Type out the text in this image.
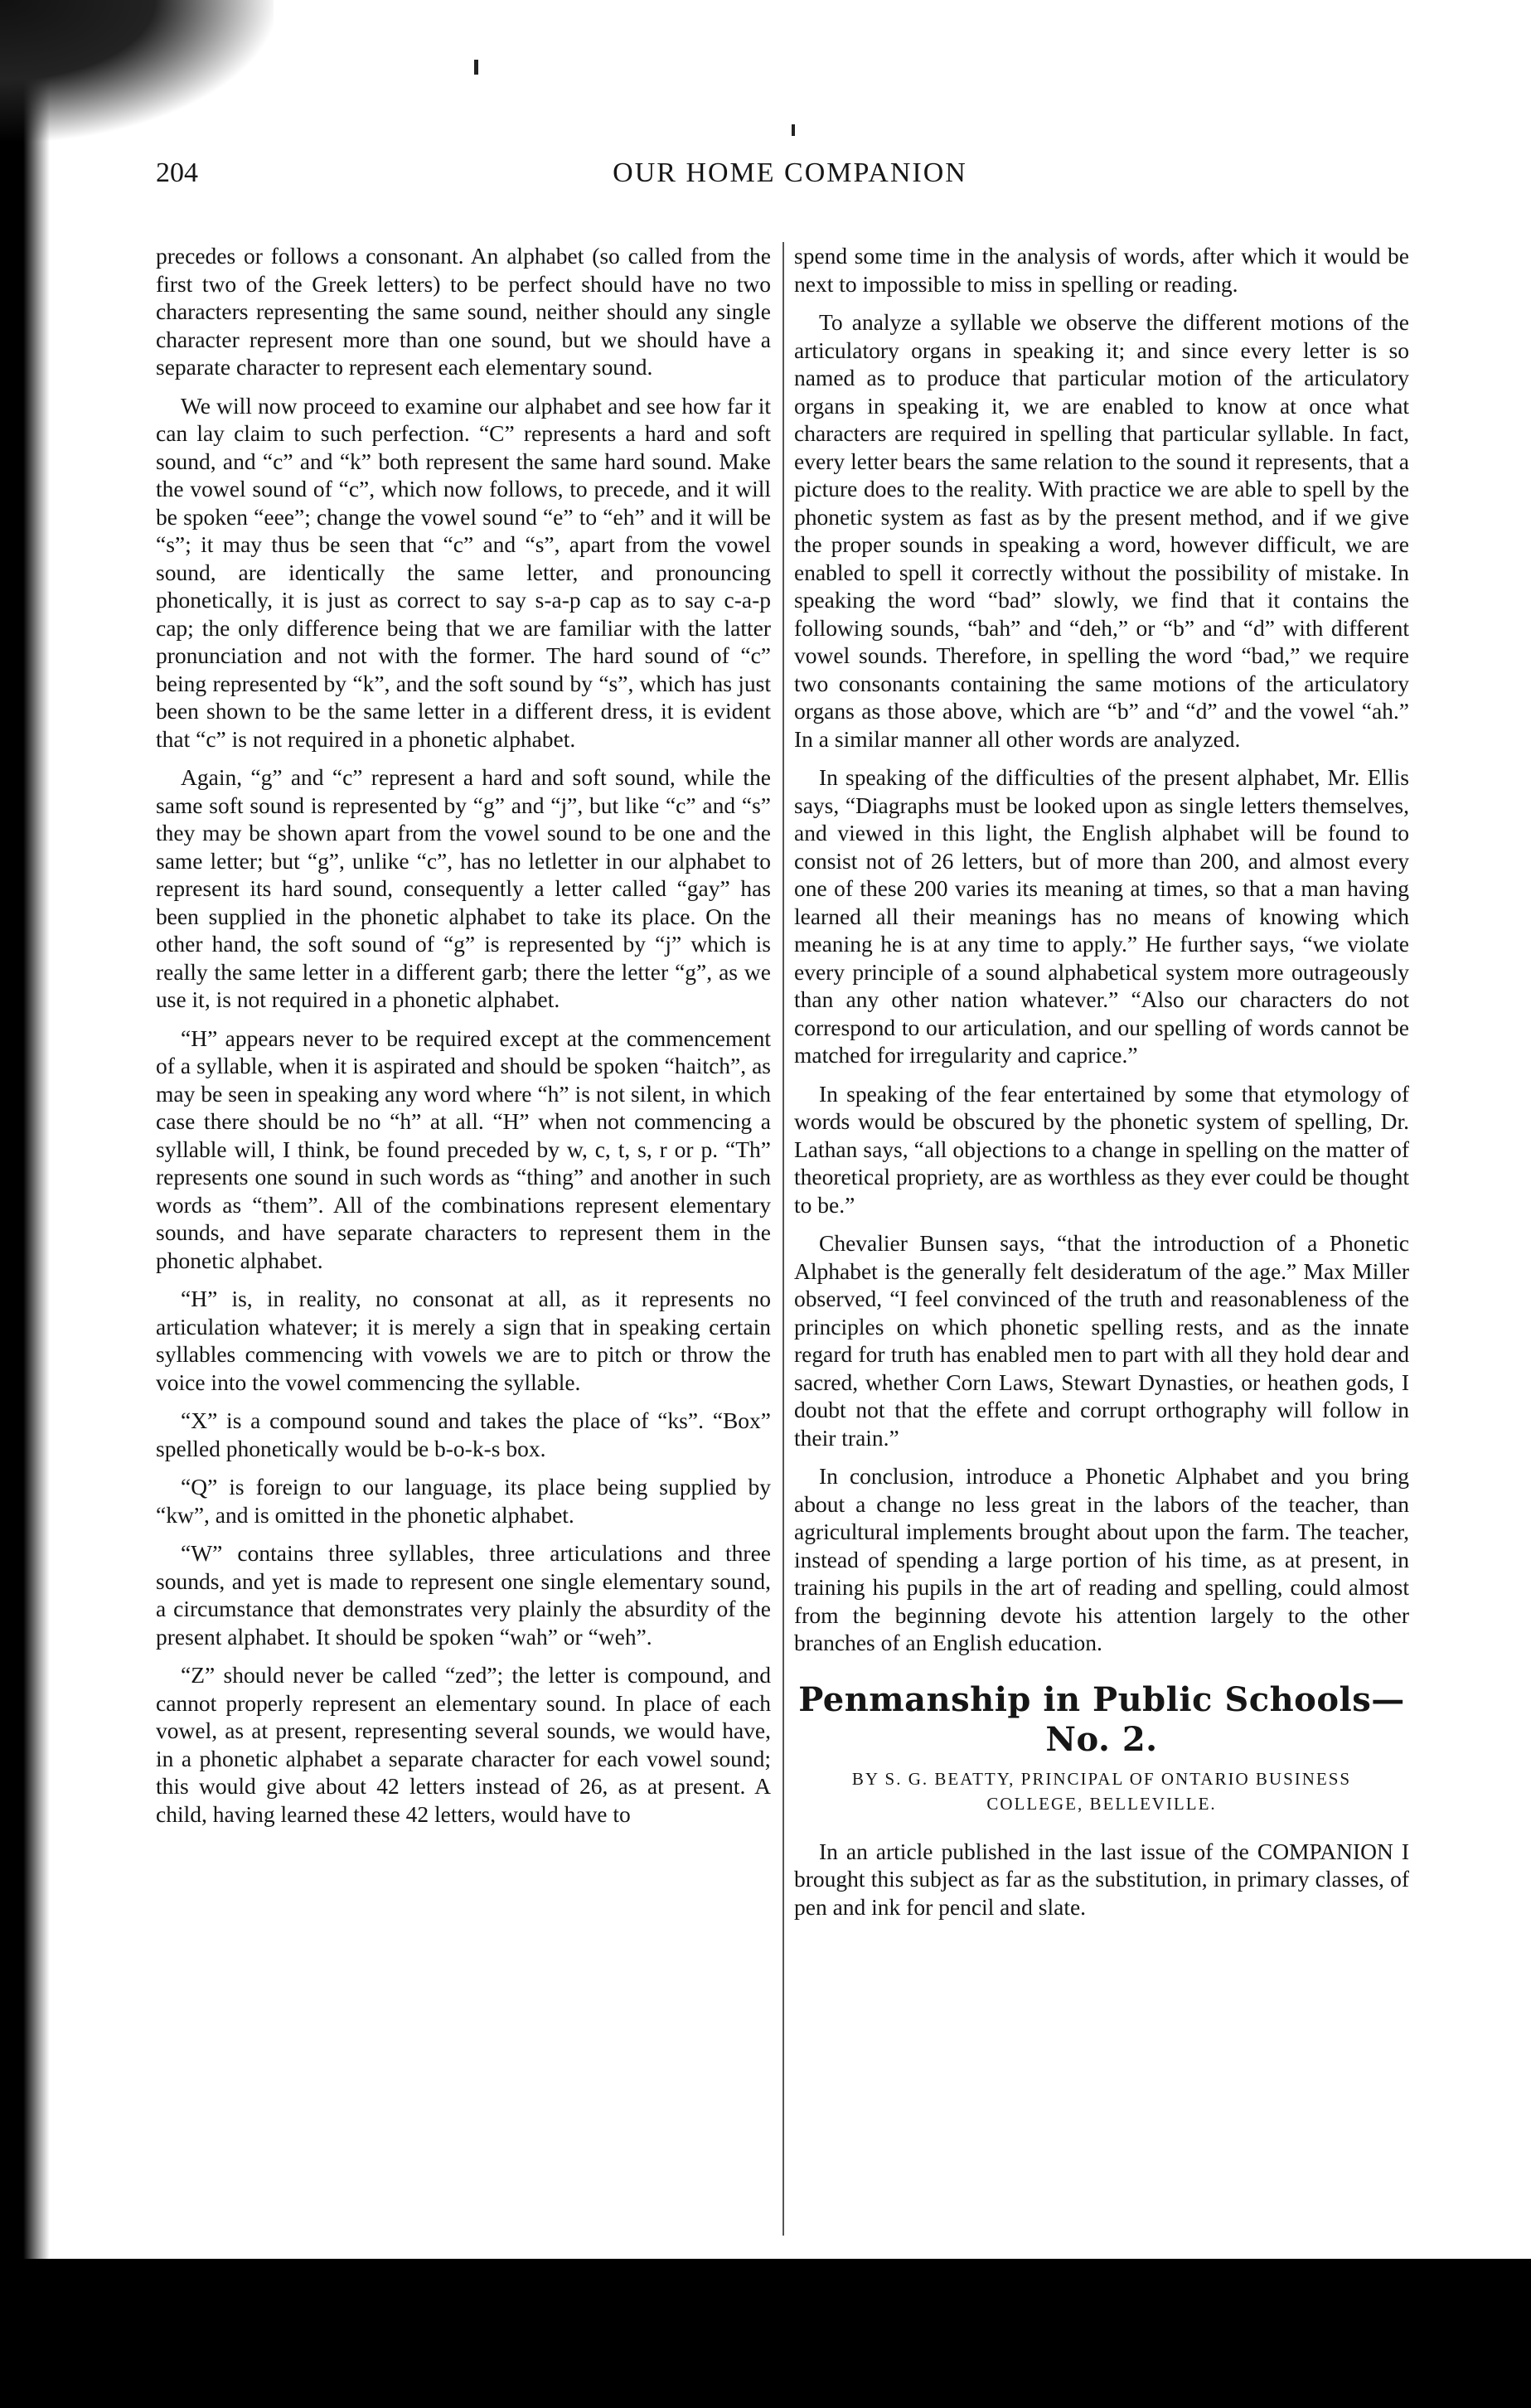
204	OUR HOME COMPANION

precedes or follows a consonant. An alphabet (so called from the first two of the Greek letters) to be perfect should have no two characters representing the same sound, neither should any single character represent more than one sound, but we should have a separate character to represent each elementary sound.

We will now proceed to examine our alphabet and see how far it can lay claim to such perfection. “C” represents a hard and soft sound, and “c” and “k” both represent the same hard sound. Make the vowel sound of “c”, which now follows, to precede, and it will be spoken “eee”; change the vowel sound “e” to “eh” and it will be “s”; it may thus be seen that “c” and “s”, apart from the vowel sound, are identically the same letter, and pronouncing phonetically, it is just as correct to say s-a-p cap as to say c-a-p cap; the only difference being that we are familiar with the latter pronunciation and not with the former. The hard sound of “c” being represented by “k”, and the soft sound by “s”, which has just been shown to be the same letter in a different dress, it is evident that “c” is not required in a phonetic alphabet.

Again, “g” and “c” represent a hard and soft sound, while the same soft sound is represented by “g” and “j”, but like “c” and “s” they may be shown apart from the vowel sound to be one and the same letter; but “g”, unlike “c”, has no letletter in our alphabet to represent its hard sound, consequently a letter called “gay” has been supplied in the phonetic alphabet to take its place. On the other hand, the soft sound of “g” is represented by “j” which is really the same letter in a different garb; there the letter “g”, as we use it, is not required in a phonetic alphabet.

“H” appears never to be required except at the commencement of a syllable, when it is aspirated and should be spoken “haitch”, as may be seen in speaking any word where “h” is not silent, in which case there should be no “h” at all. “H” when not commencing a syllable will, I think, be found preceded by w, c, t, s, r or p. “Th” represents one sound in such words as “thing” and another in such words as “them”. All of the combinations represent elementary sounds, and have separate characters to represent them in the phonetic alphabet.

“H” is, in reality, no consonat at all, as it represents no articulation whatever; it is merely a sign that in speaking certain syllables commencing with vowels we are to pitch or throw the voice into the vowel commencing the syllable.

“X” is a compound sound and takes the place of “ks”. “Box” spelled phonetically would be b-o-k-s box.

“Q” is foreign to our language, its place being supplied by “kw”, and is omitted in the phonetic alphabet.

“W” contains three syllables, three articulations and three sounds, and yet is made to represent one single elementary sound, a circumstance that demonstrates very plainly the absurdity of the present alphabet. It should be spoken “wah” or “weh”.

“Z” should never be called “zed”; the letter is compound, and cannot properly represent an elementary sound. In place of each vowel, as at present, representing several sounds, we would have, in a phonetic alphabet a separate character for each vowel sound; this would give about 42 letters instead of 26, as at present. A child, having learned these 42 letters, would have to

spend some time in the analysis of words, after which it would be next to impossible to miss in spelling or reading.

To analyze a syllable we observe the different motions of the articulatory organs in speaking it; and since every letter is so named as to produce that particular motion of the articulatory organs in speaking it, we are enabled to know at once what characters are required in spelling that particular syllable. In fact, every letter bears the same relation to the sound it represents, that a picture does to the reality. With practice we are able to spell by the phonetic system as fast as by the present method, and if we give the proper sounds in speaking a word, however difficult, we are enabled to spell it correctly without the possibility of mistake. In speaking the word “bad” slowly, we find that it contains the following sounds, “bah” and “deh,” or “b” and “d” with different vowel sounds. Therefore, in spelling the word “bad,” we require two consonants containing the same motions of the articulatory organs as those above, which are “b” and “d” and the vowel “ah.” In a similar manner all other words are analyzed.

In speaking of the difficulties of the present alphabet, Mr. Ellis says, “Diagraphs must be looked upon as single letters themselves, and viewed in this light, the English alphabet will be found to consist not of 26 letters, but of more than 200, and almost every one of these 200 varies its meaning at times, so that a man having learned all their meanings has no means of knowing which meaning he is at any time to apply.” He further says, “we violate every principle of a sound alphabetical system more outrageously than any other nation whatever.” “Also our characters do not correspond to our articulation, and our spelling of words cannot be matched for irregularity and caprice.”

In speaking of the fear entertained by some that etymology of words would be obscured by the phonetic system of spelling, Dr. Lathan says, “all objections to a change in spelling on the matter of theoretical propriety, are as worthless as they ever could be thought to be.”

Chevalier Bunsen says, “that the introduction of a Phonetic Alphabet is the generally felt desideratum of the age.” Max Miller observed, “I feel convinced of the truth and reasonableness of the principles on which phonetic spelling rests, and as the innate regard for truth has enabled men to part with all they hold dear and sacred, whether Corn Laws, Stewart Dynasties, or heathen gods, I doubt not that the effete and corrupt orthography will follow in their train.”

In conclusion, introduce a Phonetic Alphabet and you bring about a change no less great in the labors of the teacher, than agricultural implements brought about upon the farm. The teacher, instead of spending a large portion of his time, as at present, in training his pupils in the art of reading and spelling, could almost from the beginning devote his attention largely to the other branches of an English education.

Penmanship in Public Schools—No. 2.
BY S. G. BEATTY, PRINCIPAL OF ONTARIO BUSINESS
COLLEGE, BELLEVILLE.

In an article published in the last issue of the COMPANION I brought this subject as far as the substitution, in primary classes, of pen and ink for pencil and slate.
